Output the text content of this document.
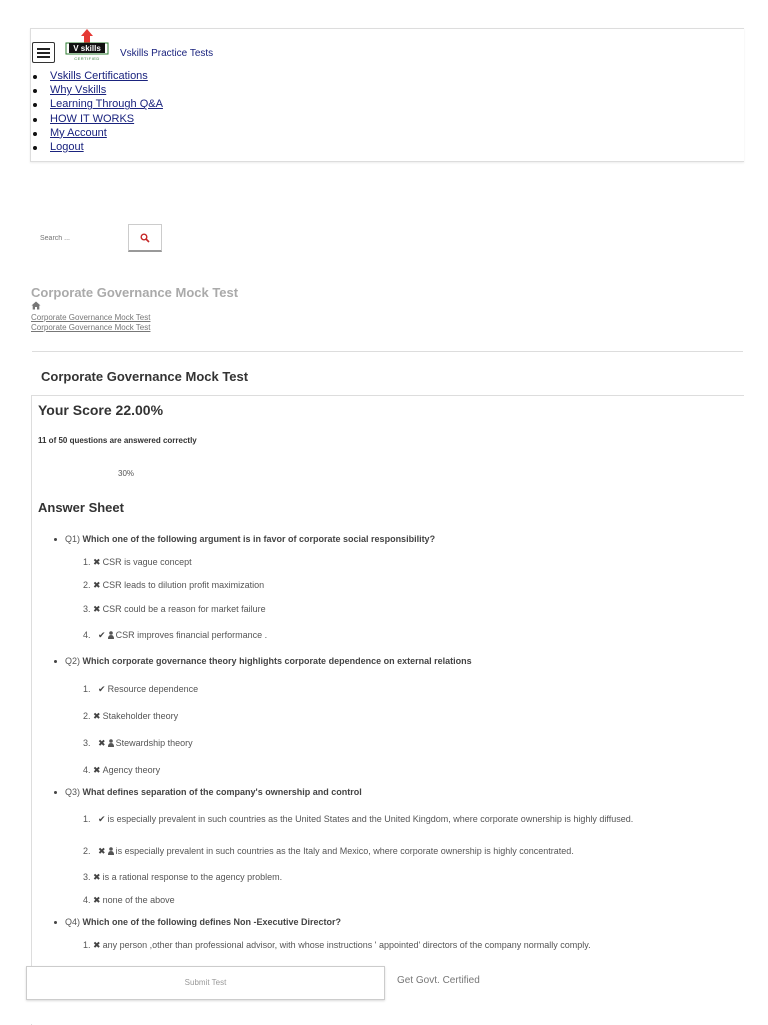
V skills
CERTIFIED Vskills Practice Tests
Vskills Certifications
Why Vskills
Learning Through Q&A
HOW IT WORKS
My Account
Logout
Search ...
Corporate Governance Mock Test
Corporate Governance Mock Test
Corporate Governance Mock Test
Corporate Governance Mock Test
Your Score 22.00%
11 of 50 questions are answered correctly
30%
Answer Sheet
Q1) Which one of the following argument is in favor of corporate social responsibility?
1. ✖ CSR is vague concept
2. ✖ CSR leads to dilution profit maximization
3. ✖ CSR could be a reason for market failure
4. ✔ CSR improves financial performance .
Q2) Which corporate governance theory highlights corporate dependence on external relations
1. ✔ Resource dependence
2. ✖ Stakeholder theory
3. ✖ Stewardship theory
4. ✖ Agency theory
Q3) What defines separation of the company's ownership and control
1. ✔ is especially prevalent in such countries as the United States and the United Kingdom, where corporate ownership is highly diffused.
2. ✖ is especially prevalent in such countries as the Italy and Mexico, where corporate ownership is highly concentrated.
3. ✖ is a rational response to the agency problem.
4. ✖ none of the above
Q4) Which one of the following defines Non -Executive Director?
1. ✖ any person ,other than professional advisor, with whose instructions ' appointed' directors of the company normally comply.
Submit Test	Get Govt. Certified
